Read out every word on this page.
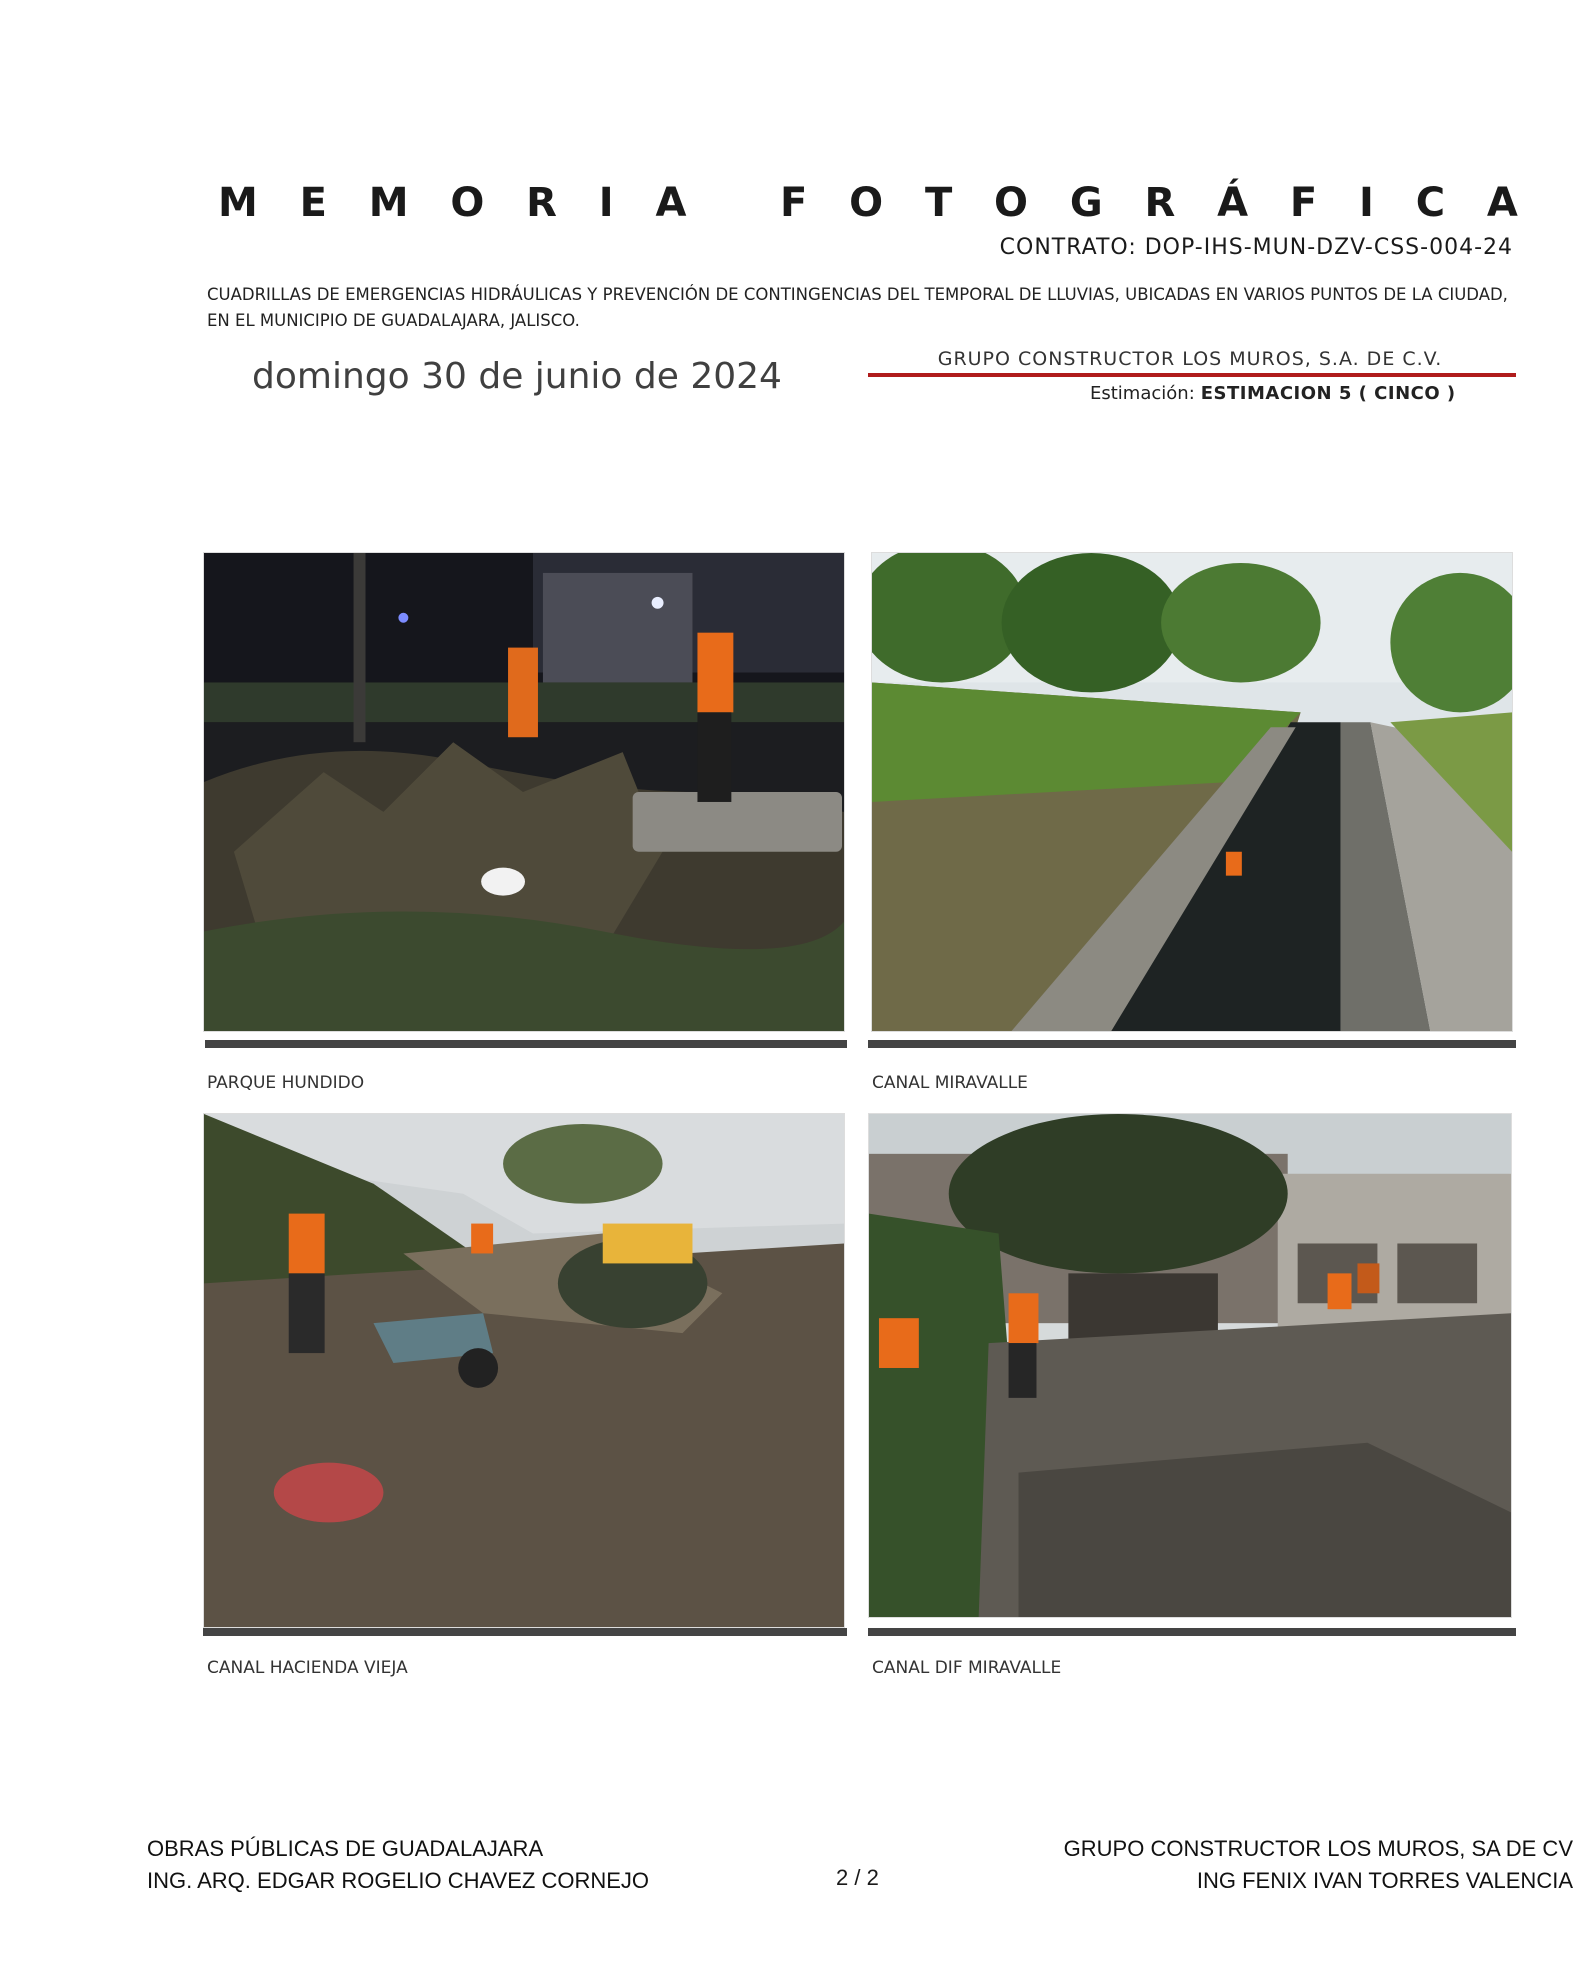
M E M O R I A F O T O G R Á F I C A
CONTRATO: DOP-IHS-MUN-DZV-CSS-004-24
CUADRILLAS DE EMERGENCIAS HIDRÁULICAS Y PREVENCIÓN DE CONTINGENCIAS DEL TEMPORAL DE LLUVIAS, UBICADAS EN VARIOS PUNTOS DE LA CIUDAD, EN EL MUNICIPIO DE GUADALAJARA, JALISCO.
domingo 30 de junio de 2024	GRUPO CONSTRUCTOR LOS MUROS, S.A. DE C.V.
Estimación: ESTIMACION 5 ( CINCO )
PARQUE HUNDIDO	CANAL MIRAVALLE
CANAL HACIENDA VIEJA	CANAL DIF MIRAVALLE
OBRAS PÚBLICAS DE GUADALAJARA
ING. ARQ. EDGAR ROGELIO CHAVEZ CORNEJO	2 / 2
GRUPO CONSTRUCTOR LOS MUROS, SA DE CV
ING FENIX IVAN TORRES VALENCIA
